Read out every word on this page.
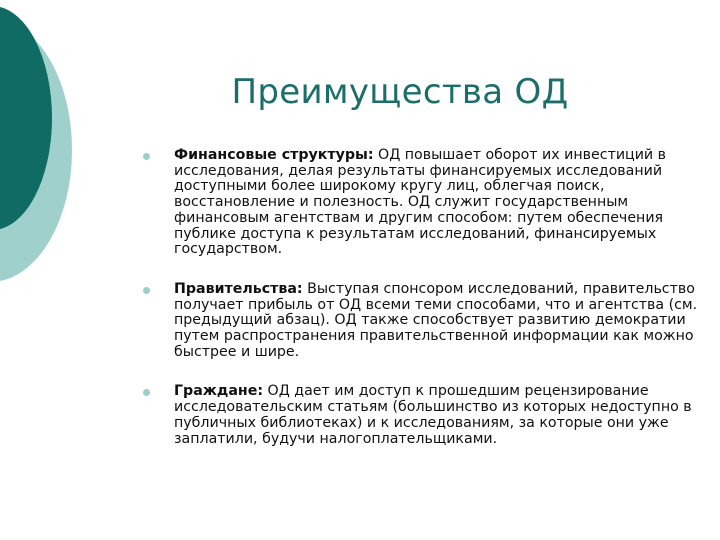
Преимущества ОД
Финансовые структуры: ОД повышает оборот их инвестиций в исследования, делая результаты финансируемых исследований доступными более широкому кругу лиц, облегчая поиск, восстановление и полезность. ОД служит государственным финансовым агентствам и другим способом: путем обеспечения публике доступа к результатам исследований, финансируемых государством.
Правительства: Выступая спонсором исследований, правительство получает прибыль от ОД всеми теми способами, что и агентства (см. предыдущий абзац). ОД также способствует развитию демократии путем распространения правительственной информации как можно быстрее и шире.
Граждане: ОД дает им доступ к прошедшим рецензирование исследовательским статьям (большинство из которых недоступно в публичных библиотеках) и к исследованиям, за которые они уже заплатили, будучи налогоплательщиками.
